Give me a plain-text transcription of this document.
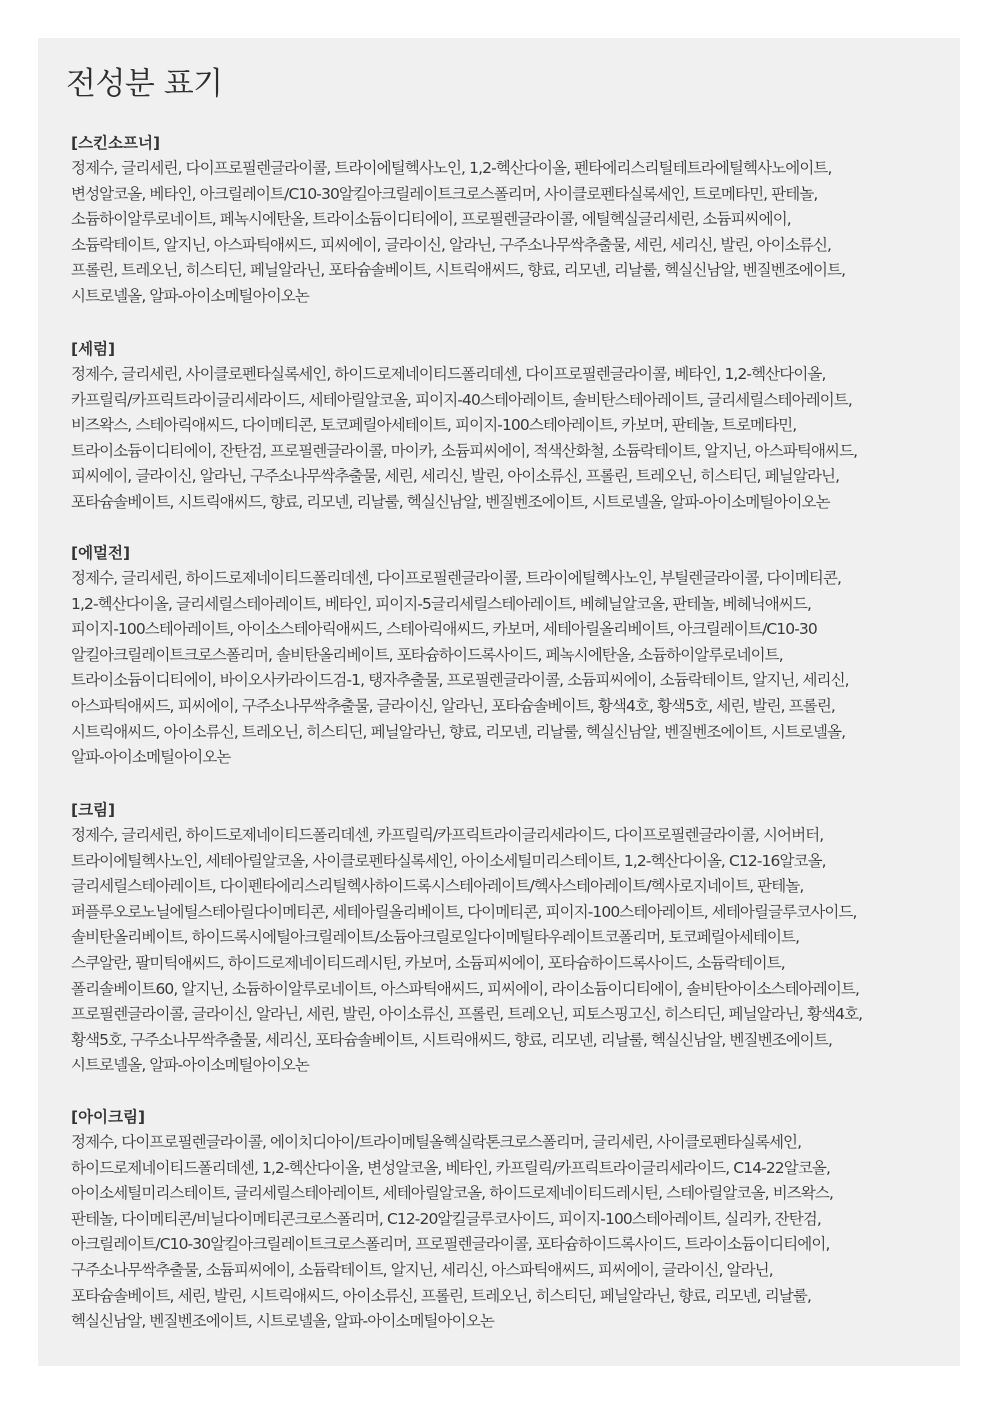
전성분 표기
[스킨소프너]
정제수, 글리세린, 다이프로필렌글라이콜, 트라이에틸헥사노인, 1,2-헥산다이올, 펜타에리스리틸테트라에틸헥사노에이트,
변성알코올, 베타인, 아크릴레이트/C10-30알킬아크릴레이트크로스폴리머, 사이클로펜타실록세인, 트로메타민, 판테놀,
소듐하이알루로네이트, 페녹시에탄올, 트라이소듐이디티에이, 프로필렌글라이콜, 에틸헥실글리세린, 소듐피씨에이,
소듐락테이트, 알지닌, 아스파틱애씨드, 피씨에이, 글라이신, 알라닌, 구주소나무싹추출물, 세린, 세리신, 발린, 아이소류신,
프롤린, 트레오닌, 히스티딘, 페닐알라닌, 포타슘솔베이트, 시트릭애씨드, 향료, 리모넨, 리날룰, 헥실신남알, 벤질벤조에이트,
시트로넬올, 알파-아이소메틸아이오논
[세럼]
정제수, 글리세린, 사이클로펜타실록세인, 하이드로제네이티드폴리데센, 다이프로필렌글라이콜, 베타인, 1,2-헥산다이올,
카프릴릭/카프릭트라이글리세라이드, 세테아릴알코올, 피이지-40스테아레이트, 솔비탄스테아레이트, 글리세릴스테아레이트,
비즈왁스, 스테아릭애씨드, 다이메티콘, 토코페릴아세테이트, 피이지-100스테아레이트, 카보머, 판테놀, 트로메타민,
트라이소듐이디티에이, 잔탄검, 프로필렌글라이콜, 마이카, 소듐피씨에이, 적색산화철, 소듐락테이트, 알지닌, 아스파틱애씨드,
피씨에이, 글라이신, 알라닌, 구주소나무싹추출물, 세린, 세리신, 발린, 아이소류신, 프롤린, 트레오닌, 히스티딘, 페닐알라닌,
포타슘솔베이트, 시트릭애씨드, 향료, 리모넨, 리날룰, 헥실신남알, 벤질벤조에이트, 시트로넬올, 알파-아이소메틸아이오논
[에멀전]
정제수, 글리세린, 하이드로제네이티드폴리데센, 다이프로필렌글라이콜, 트라이에틸헥사노인, 부틸렌글라이콜, 다이메티콘,
1,2-헥산다이올, 글리세릴스테아레이트, 베타인, 피이지-5글리세릴스테아레이트, 베헤닐알코올, 판테놀, 베헤닉애씨드,
피이지-100스테아레이트, 아이소스테아릭애씨드, 스테아릭애씨드, 카보머, 세테아릴올리베이트, 아크릴레이트/C10-30
알킬아크릴레이트크로스폴리머, 솔비탄올리베이트, 포타슘하이드록사이드, 페녹시에탄올, 소듐하이알루로네이트,
트라이소듐이디티에이, 바이오사카라이드검-1, 탱자추출물, 프로필렌글라이콜, 소듐피씨에이, 소듐락테이트, 알지닌, 세리신,
아스파틱애씨드, 피씨에이, 구주소나무싹추출물, 글라이신, 알라닌, 포타슘솔베이트, 황색4호, 황색5호, 세린, 발린, 프롤린,
시트릭애씨드, 아이소류신, 트레오닌, 히스티딘, 페닐알라닌, 향료, 리모넨, 리날룰, 헥실신남알, 벤질벤조에이트, 시트로넬올,
알파-아이소메틸아이오논
[크림]
정제수, 글리세린, 하이드로제네이티드폴리데센, 카프릴릭/카프릭트라이글리세라이드, 다이프로필렌글라이콜, 시어버터,
트라이에틸헥사노인, 세테아릴알코올, 사이클로펜타실록세인, 아이소세틸미리스테이트, 1,2-헥산다이올, C12-16알코올,
글리세릴스테아레이트, 다이펜타에리스리틸헥사하이드록시스테아레이트/헥사스테아레이트/헥사로지네이트, 판테놀,
퍼플루오로노닐에틸스테아릴다이메티콘, 세테아릴올리베이트, 다이메티콘, 피이지-100스테아레이트, 세테아릴글루코사이드,
솔비탄올리베이트, 하이드록시에틸아크릴레이트/소듐아크릴로일다이메틸타우레이트코폴리머, 토코페릴아세테이트,
스쿠알란, 팔미틱애씨드, 하이드로제네이티드레시틴, 카보머, 소듐피씨에이, 포타슘하이드록사이드, 소듐락테이트,
폴리솔베이트60, 알지닌, 소듐하이알루로네이트, 아스파틱애씨드, 피씨에이, 라이소듐이디티에이, 솔비탄아이소스테아레이트,
프로필렌글라이콜, 글라이신, 알라닌, 세린, 발린, 아이소류신, 프롤린, 트레오닌, 피토스핑고신, 히스티딘, 페닐알라닌, 황색4호,
황색5호, 구주소나무싹추출물, 세리신, 포타슘솔베이트, 시트릭애씨드, 향료, 리모넨, 리날룰, 헥실신남알, 벤질벤조에이트,
시트로넬올, 알파-아이소메틸아이오논
[아이크림]
정제수, 다이프로필렌글라이콜, 에이치디아이/트라이메틸올헥실락톤크로스폴리머, 글리세린, 사이클로펜타실록세인,
하이드로제네이티드폴리데센, 1,2-헥산다이올, 변성알코올, 베타인, 카프릴릭/카프릭트라이글리세라이드, C14-22알코올,
아이소세틸미리스테이트, 글리세릴스테아레이트, 세테아릴알코올, 하이드로제네이티드레시틴, 스테아릴알코올, 비즈왁스,
판테놀, 다이메티콘/비닐다이메티콘크로스폴리머, C12-20알킬글루코사이드, 피이지-100스테아레이트, 실리카, 잔탄검,
아크릴레이트/C10-30알킬아크릴레이트크로스폴리머, 프로필렌글라이콜, 포타슘하이드록사이드, 트라이소듐이디티에이,
구주소나무싹추출물, 소듐피씨에이, 소듐락테이트, 알지닌, 세리신, 아스파틱애씨드, 피씨에이, 글라이신, 알라닌,
포타슘솔베이트, 세린, 발린, 시트릭애씨드, 아이소류신, 프롤린, 트레오닌, 히스티딘, 페닐알라닌, 향료, 리모넨, 리날룰,
헥실신남알, 벤질벤조에이트, 시트로넬올, 알파-아이소메틸아이오논
